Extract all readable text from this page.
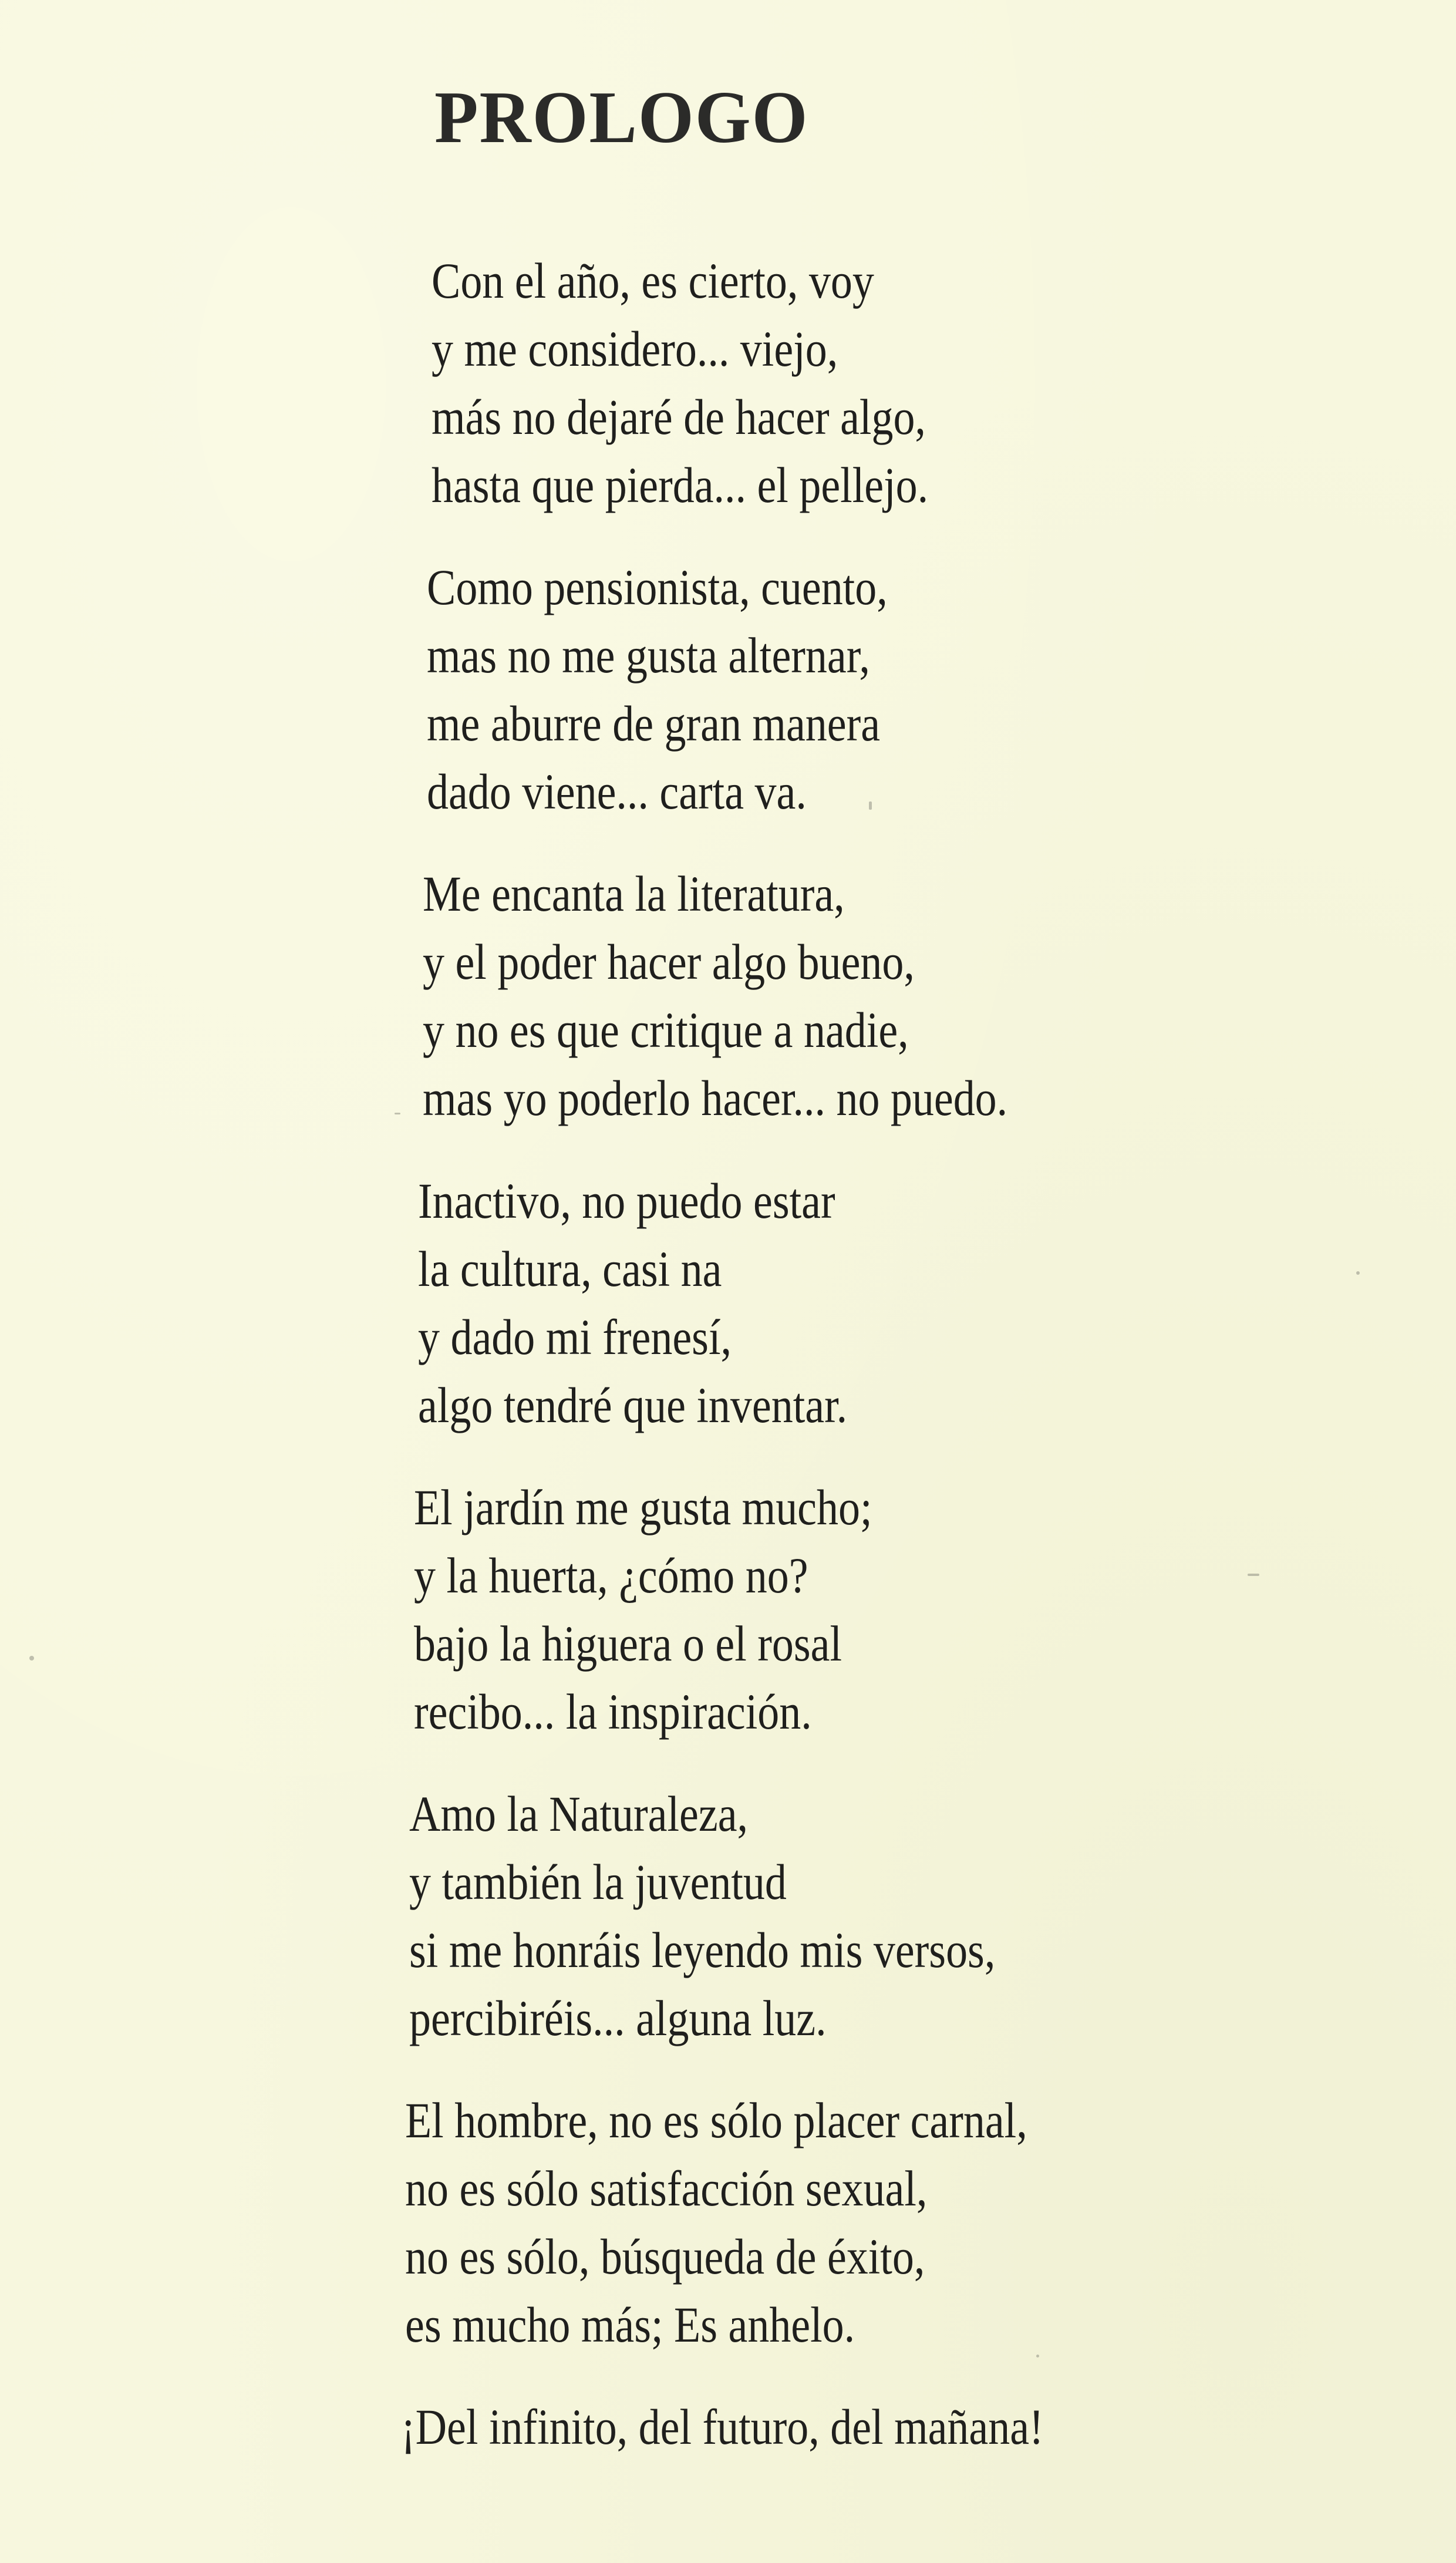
PROLOGO
Con el año, es cierto, voy
y me considero... viejo,
más no dejaré de hacer algo,
hasta que pierda... el pellejo.
Como pensionista, cuento,
mas no me gusta alternar,
me aburre de gran manera
dado viene... carta va.
Me encanta la literatura,
y el poder hacer algo bueno,
y no es que critique a nadie,
mas yo poderlo hacer... no puedo.
Inactivo, no puedo estar
la cultura, casi na
y dado mi frenesí,
algo tendré que inventar.
El jardín me gusta mucho;
y la huerta, ¿cómo no?
bajo la higuera o el rosal
recibo... la inspiración.
Amo la Naturaleza,
y también la juventud
si me honráis leyendo mis versos,
percibiréis... alguna luz.
El hombre, no es sólo placer carnal,
no es sólo satisfacción sexual,
no es sólo, búsqueda de éxito,
es mucho más; Es anhelo.
¡Del infinito, del futuro, del mañana!
